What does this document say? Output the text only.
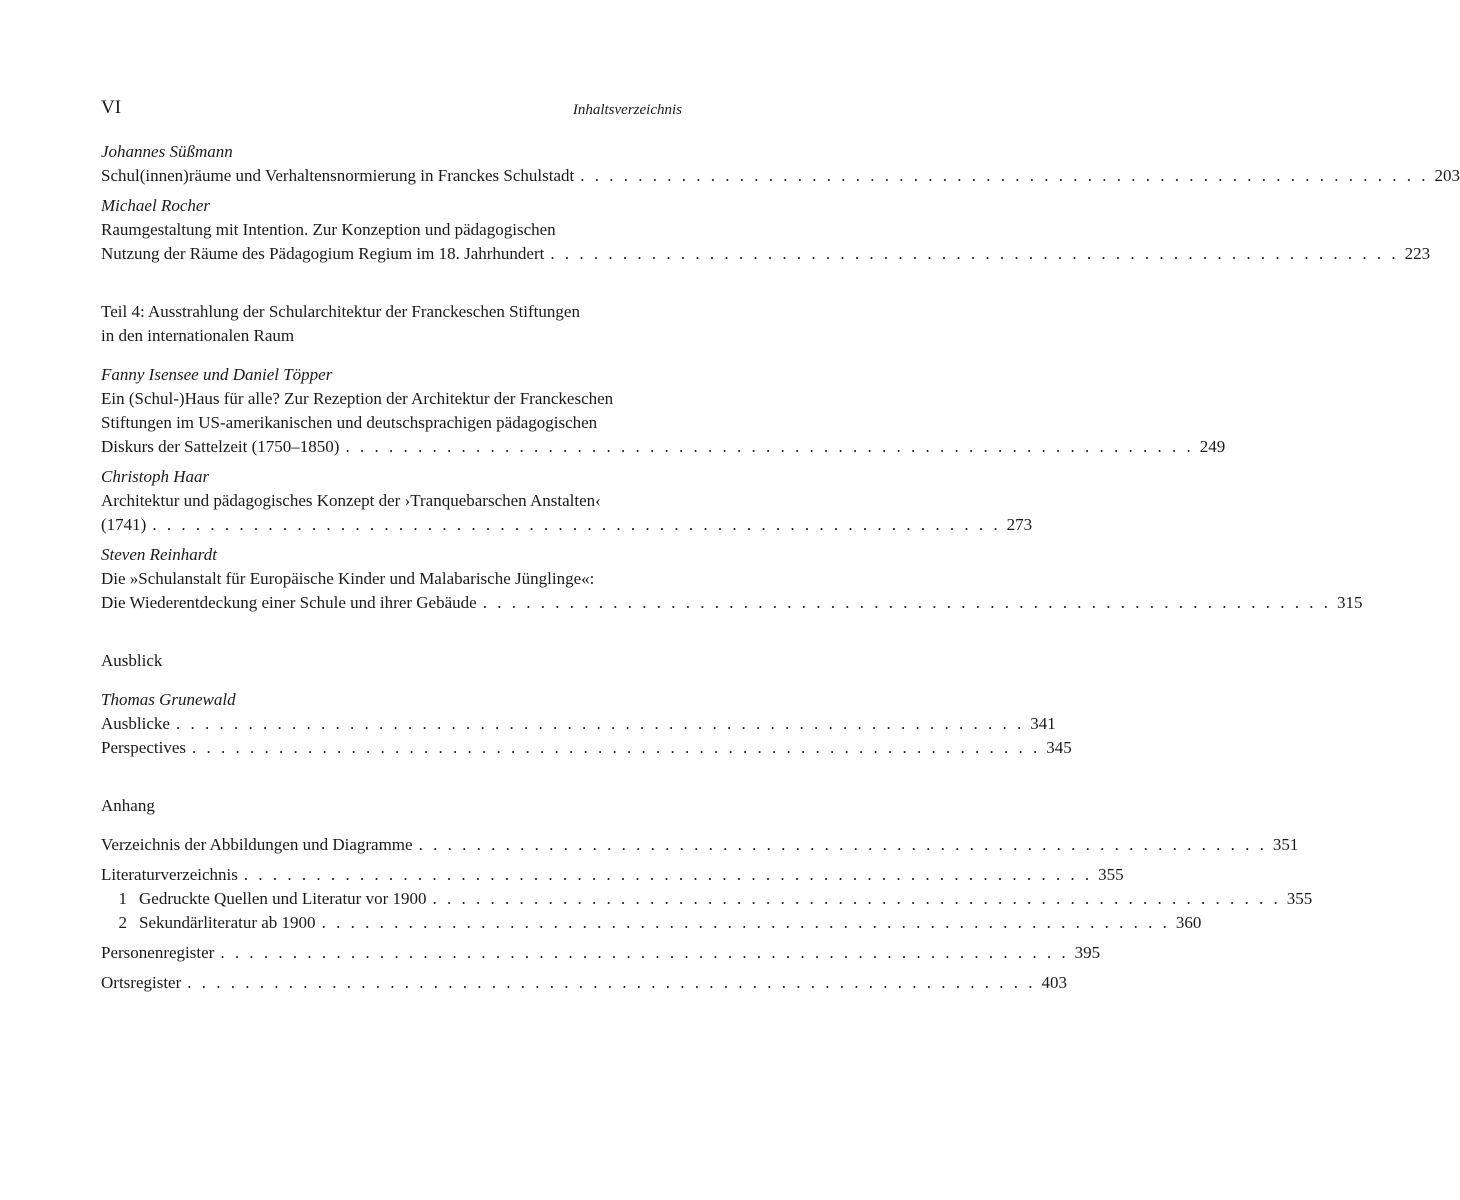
VI	Inhaltsverzeichnis
Johannes Süßmann
Schul(innen)räume und Verhaltensnormierung in Franckes Schulstadt . . . . . . . . . . . . . . . . . . . . . . . . . . . . . . . . . . . . . . . . . . . . . . . . . . . . . . . . . . . 203
Michael Rocher
Raumgestaltung mit Intention. Zur Konzeption und pädagogischen
Nutzung der Räume des Pädagogium Regium im 18. Jahrhundert . . . . . . . . . . . . . . . . . . . . . . . . . . . . . . . . . . . . . . . . . . . . . . . . . . . . . . . . . . . 223
Teil 4: Ausstrahlung der Schularchitektur der Franckeschen Stiftungen
in den internationalen Raum
Fanny Isensee und Daniel Töpper
Ein (Schul-)Haus für alle? Zur Rezeption der Architektur der Franckeschen
Stiftungen im US-amerikanischen und deutschsprachigen pädagogischen
Diskurs der Sattelzeit (1750–1850) . . . . . . . . . . . . . . . . . . . . . . . . . . . . . . . . . . . . . . . . . . . . . . . . . . . . . . . . . . . 249
Christoph Haar
Architektur und pädagogisches Konzept der ›Tranquebarschen Anstalten‹
(1741) . . . . . . . . . . . . . . . . . . . . . . . . . . . . . . . . . . . . . . . . . . . . . . . . . . . . . . . . . . . 273
Steven Reinhardt
Die »Schulanstalt für Europäische Kinder und Malabarische Jünglinge«:
Die Wiederentdeckung einer Schule und ihrer Gebäude . . . . . . . . . . . . . . . . . . . . . . . . . . . . . . . . . . . . . . . . . . . . . . . . . . . . . . . . . . . 315
Ausblick
Thomas Grunewald
Ausblicke . . . . . . . . . . . . . . . . . . . . . . . . . . . . . . . . . . . . . . . . . . . . . . . . . . . . . . . . . . . 341
Perspectives . . . . . . . . . . . . . . . . . . . . . . . . . . . . . . . . . . . . . . . . . . . . . . . . . . . . . . . . . . . 345
Anhang
Verzeichnis der Abbildungen und Diagramme . . . . . . . . . . . . . . . . . . . . . . . . . . . . . . . . . . . . . . . . . . . . . . . . . . . . . . . . . . . 351
Literaturverzeichnis . . . . . . . . . . . . . . . . . . . . . . . . . . . . . . . . . . . . . . . . . . . . . . . . . . . . . . . . . . . 355
1 Gedruckte Quellen und Literatur vor 1900 . . . . . . . . . . . . . . . . . . . . . . . . . . . . . . . . . . . . . . . . . . . . . . . . . . . . . . . . . . . 355
2 Sekundärliteratur ab 1900 . . . . . . . . . . . . . . . . . . . . . . . . . . . . . . . . . . . . . . . . . . . . . . . . . . . . . . . . . . . 360
Personenregister . . . . . . . . . . . . . . . . . . . . . . . . . . . . . . . . . . . . . . . . . . . . . . . . . . . . . . . . . . . 395
Ortsregister . . . . . . . . . . . . . . . . . . . . . . . . . . . . . . . . . . . . . . . . . . . . . . . . . . . . . . . . . . . 403
